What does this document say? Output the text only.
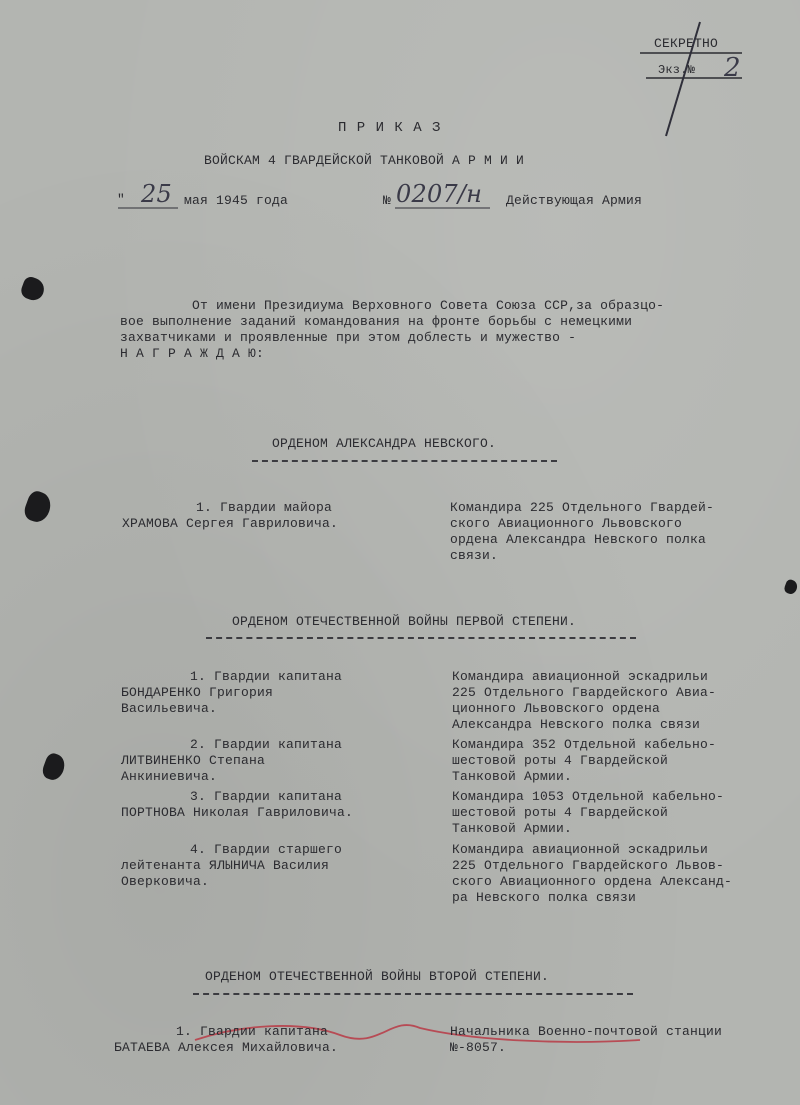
СЕКРЕТНО
Экз.№ 2
П Р И К А З
ВОЙСКАМ 4 ГВАРДЕЙСКОЙ ТАНКОВОЙ А Р М И И
" 25 мая 1945 года	№ 0207/н Действующая Армия
От имени Президиума Верховного Совета Союза ССР,за образцо-
вое выполнение заданий командования на фронте борьбы с немецкими
захватчиками и проявленные при этом доблесть и мужество -
Н А Г Р А Ж Д А Ю:
ОРДЕНОМ АЛЕКСАНДРА НЕВСКОГО.
1. Гвардии майора
ХРАМОВА Сергея Гавриловича.
Командира 225 Отдельного Гвардей-
ского Авиационного Львовского
ордена Александра Невского полка
связи.
ОРДЕНОМ ОТЕЧЕСТВЕННОЙ ВОЙНЫ ПЕРВОЙ СТЕПЕНИ.
1. Гвардии капитана
БОНДАРЕНКО Григория
Васильевича.
Командира авиационной эскадрильи
225 Отдельного Гвардейского Авиа-
ционного Львовского ордена
Александра Невского полка связи
2. Гвардии капитана
ЛИТВИНЕНКО Степана
Анкиниевича.
Командира 352 Отдельной кабельно-
шестовой роты 4 Гвардейской
Танковой Армии.
3. Гвардии капитана
ПОРТНОВА Николая Гавриловича.
Командира 1053 Отдельной кабельно-
шестовой роты 4 Гвардейской
Танковой Армии.
4. Гвардии старшего
лейтенанта ЯЛЫНИЧА Василия
Оверковича.
Командира авиационной эскадрильи
225 Отдельного Гвардейского Львов-
ского Авиационного ордена Александ-
ра Невского полка связи
ОРДЕНОМ ОТЕЧЕСТВЕННОЙ ВОЙНЫ ВТОРОЙ СТЕПЕНИ.
1. Гвардии капитана
БАТАЕВА Алексея Михайловича.
Начальника Военно-почтовой станции
№-8057.
